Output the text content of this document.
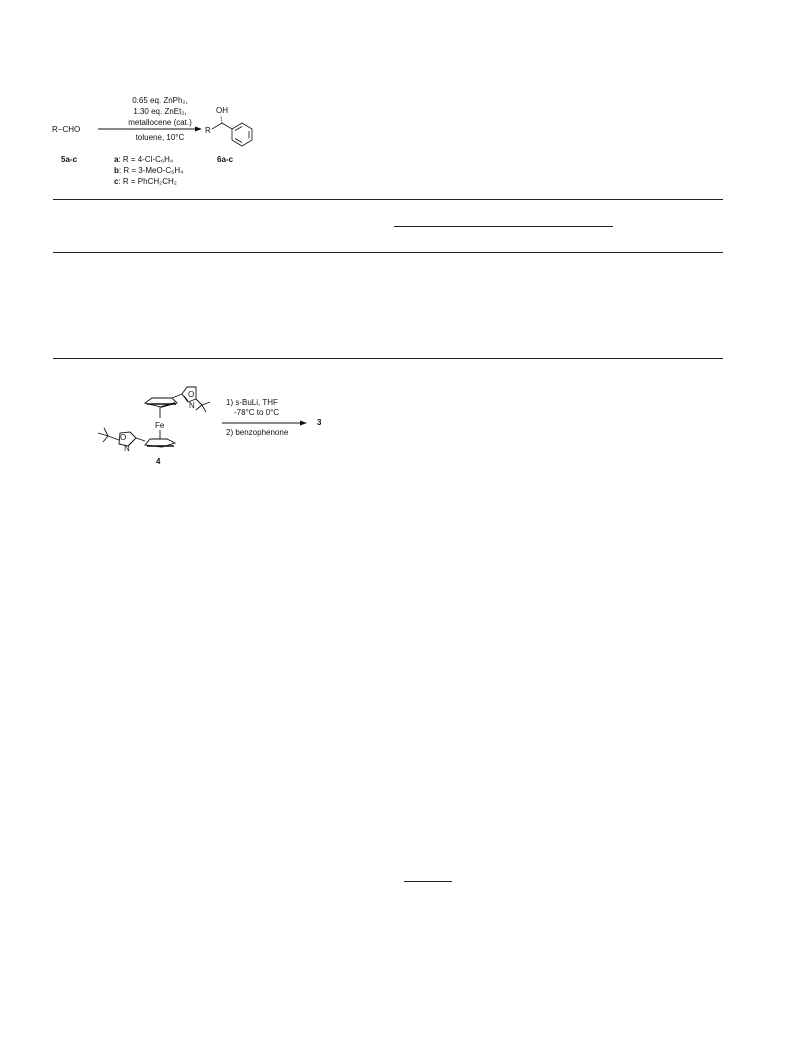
R−CHO
5a-c
0.65 eq. ZnPh₂,
1.30 eq. ZnEt₂,
metallocene (cat.)
toluene, 10°C
a: R = 4-Cl-C₆H₄
b: R = 3-MeO-C₆H₄
c: R = PhCH₂CH₂
OH
R
6a-c
O
N
Fe
O
N
4
1) s-BuLi, THF
-78°C to 0°C
2) benzophenone
3
